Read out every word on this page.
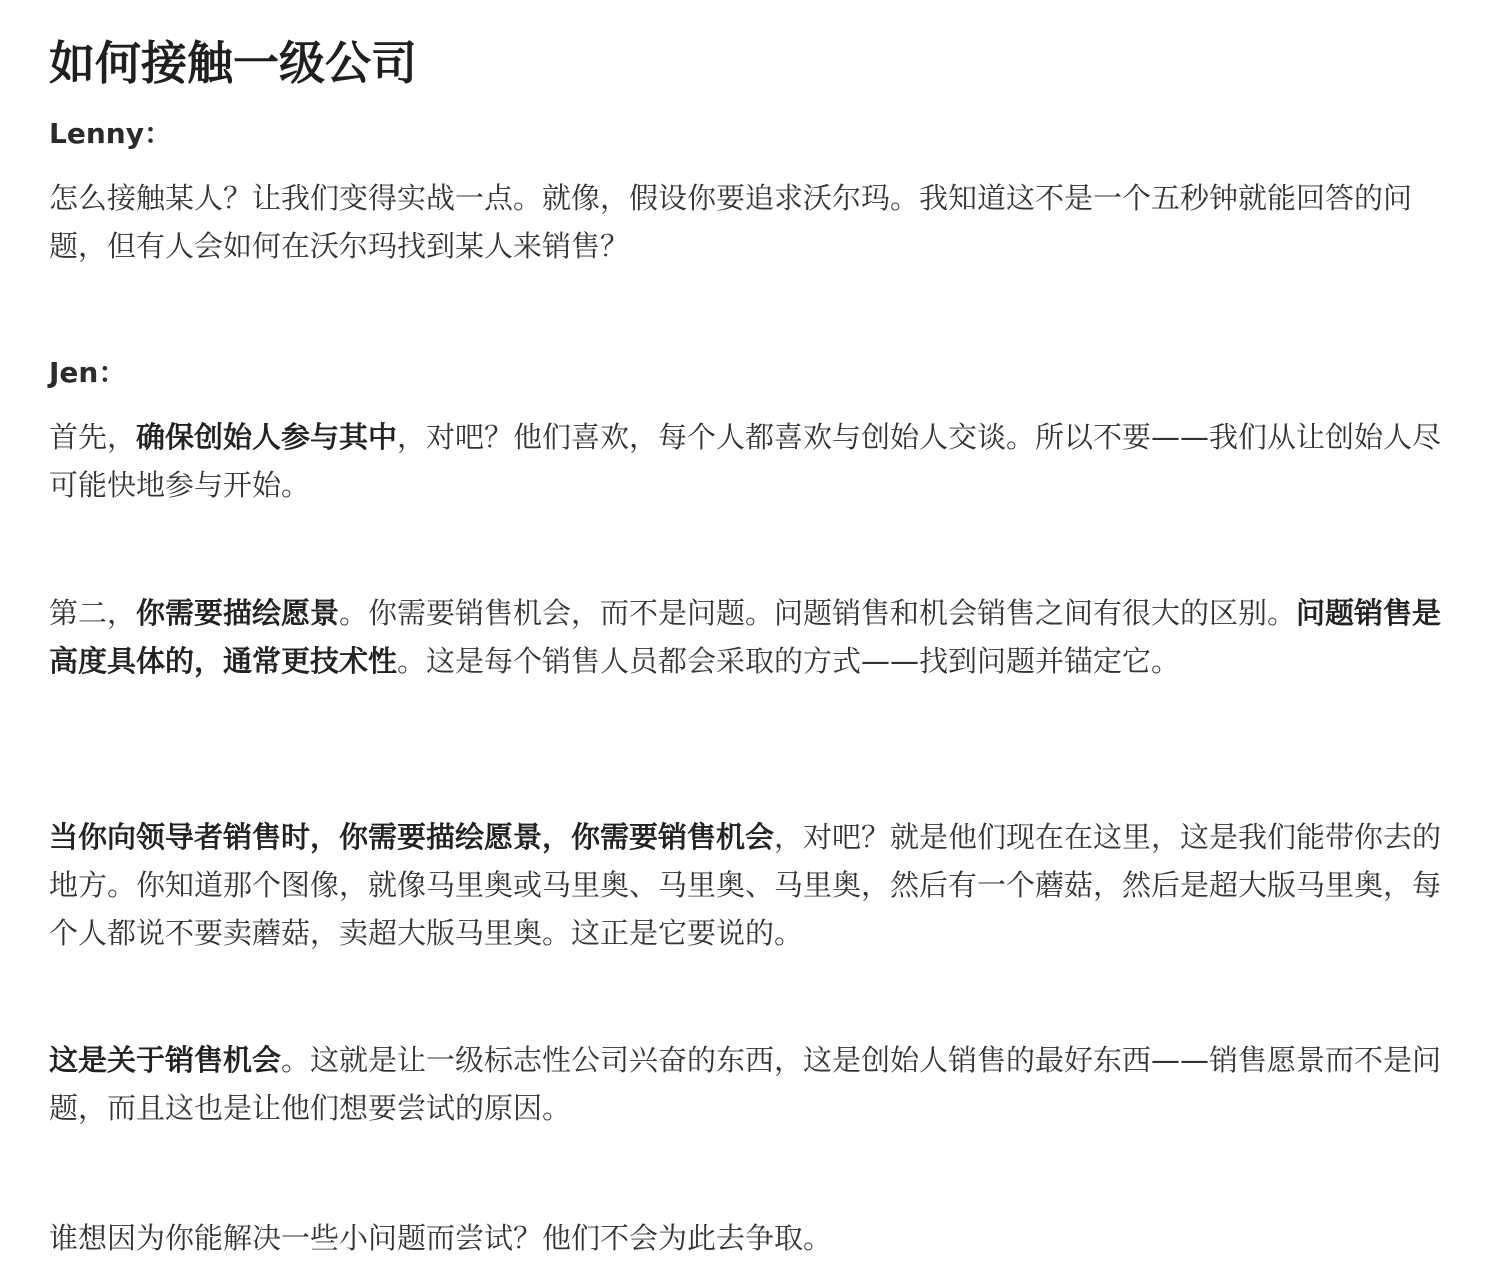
如何接触一级公司

Lenny：

怎么接触某人？让我们变得实战一点。就像，假设你要追求沃尔玛。我知道这不是一个五秒钟就能回答的问题，但有人会如何在沃尔玛找到某人来销售？

Jen：

首先，确保创始人参与其中，对吧？他们喜欢，每个人都喜欢与创始人交谈。所以不要——我们从让创始人尽可能快地参与开始。

第二，你需要描绘愿景。你需要销售机会，而不是问题。问题销售和机会销售之间有很大的区别。问题销售是高度具体的，通常更技术性。这是每个销售人员都会采取的方式——找到问题并锚定它。

当你向领导者销售时，你需要描绘愿景，你需要销售机会，对吧？就是他们现在在这里，这是我们能带你去的地方。你知道那个图像，就像马里奥或马里奥、马里奥、马里奥，然后有一个蘑菇，然后是超大版马里奥，每个人都说不要卖蘑菇，卖超大版马里奥。这正是它要说的。

这是关于销售机会。这就是让一级标志性公司兴奋的东西，这是创始人销售的最好东西——销售愿景而不是问题，而且这也是让他们想要尝试的原因。

谁想因为你能解决一些小问题而尝试？他们不会为此去争取。
